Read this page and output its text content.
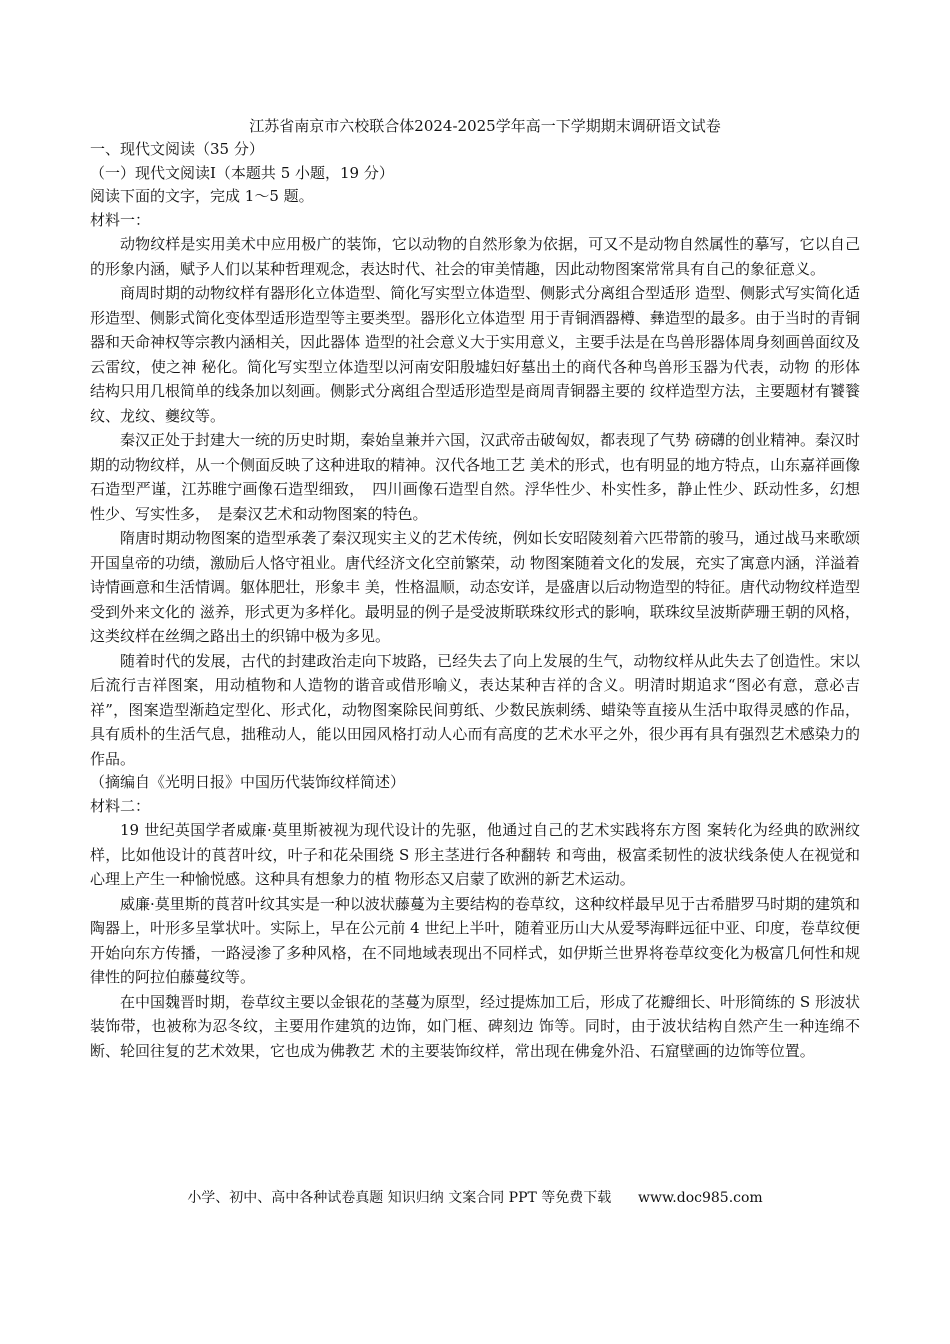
江苏省南京市六校联合体2024-2025学年高一下学期期末调研语文试卷

一、现代文阅读（35 分）

（一）现代文阅读Ⅰ（本题共 5 小题，19 分）

阅读下面的文字，完成 1～5 题。

材料一：

动物纹样是实用美术中应用极广的装饰，它以动物的自然形象为依据，可又不是动物自然属性的摹写，它以自己的形象内涵，赋予人们以某种哲理观念，表达时代、社会的审美情趣，因此动物图案常常具有自己的象征意义。

商周时期的动物纹样有器形化立体造型、简化写实型立体造型、侧影式分离组合型适形 造型、侧影式写实简化适形造型、侧影式简化变体型适形造型等主要类型。器形化立体造型 用于青铜酒器樽、彝造型的最多。由于当时的青铜器和天命神权等宗教内涵相关，因此器体 造型的社会意义大于实用意义，主要手法是在鸟兽形器体周身刻画兽面纹及云雷纹，使之神 秘化。简化写实型立体造型以河南安阳殷墟妇好墓出土的商代各种鸟兽形玉器为代表，动物 的形体结构只用几根简单的线条加以刻画。侧影式分离组合型适形造型是商周青铜器主要的 纹样造型方法，主要题材有饕餮纹、龙纹、夔纹等。

秦汉正处于封建大一统的历史时期，秦始皇兼并六国，汉武帝击破匈奴，都表现了气势 磅礴的创业精神。秦汉时期的动物纹样，从一个侧面反映了这种进取的精神。汉代各地工艺 美术的形式，也有明显的地方特点，山东嘉祥画像石造型严谨，江苏睢宁画像石造型细致，　四川画像石造型自然。浮华性少、朴实性多，静止性少、跃动性多，幻想性少、写实性多，　是秦汉艺术和动物图案的特色。

隋唐时期动物图案的造型承袭了秦汉现实主义的艺术传统，例如长安昭陵刻着六匹带箭的骏马，通过战马来歌颂开国皇帝的功绩，激励后人恪守祖业。唐代经济文化空前繁荣，动 物图案随着文化的发展，充实了寓意内涵，洋溢着诗情画意和生活情调。躯体肥壮，形象丰 美，性格温顺，动态安详，是盛唐以后动物造型的特征。唐代动物纹样造型受到外来文化的 滋养，形式更为多样化。最明显的例子是受波斯联珠纹形式的影响，联珠纹呈波斯萨珊王朝的风格，这类纹样在丝绸之路出土的织锦中极为多见。

随着时代的发展，古代的封建政治走向下坡路，已经失去了向上发展的生气，动物纹样从此失去了创造性。宋以后流行吉祥图案，用动植物和人造物的谐音或借形喻义，表达某种吉祥的含义。明清时期追求“图必有意，意必吉祥”，图案造型渐趋定型化、形式化，动物图案除民间剪纸、少数民族刺绣、蜡染等直接从生活中取得灵感的作品，具有质朴的生活气息，拙稚动人，能以田园风格打动人心而有高度的艺术水平之外，很少再有具有强烈艺术感染力的作品。

（摘编自《光明日报》中国历代装饰纹样简述）

材料二：

19 世纪英国学者威廉·莫里斯被视为现代设计的先驱，他通过自己的艺术实践将东方图 案转化为经典的欧洲纹样，比如他设计的莨苕叶纹，叶子和花朵围绕 S 形主茎进行各种翻转 和弯曲，极富柔韧性的波状线条使人在视觉和心理上产生一种愉悦感。这种具有想象力的植 物形态又启蒙了欧洲的新艺术运动。

威廉·莫里斯的莨苕叶纹其实是一种以波状藤蔓为主要结构的卷草纹，这种纹样最早见于古希腊罗马时期的建筑和陶器上，叶形多呈掌状叶。实际上，早在公元前 4 世纪上半叶，随着亚历山大从爱琴海畔远征中亚、印度，卷草纹便开始向东方传播，一路浸渗了多种风格，在不同地域表现出不同样式，如伊斯兰世界将卷草纹变化为极富几何性和规律性的阿拉伯藤蔓纹等。

在中国魏晋时期，卷草纹主要以金银花的茎蔓为原型，经过提炼加工后，形成了花瓣细长、叶形简练的 S 形波状装饰带，也被称为忍冬纹，主要用作建筑的边饰，如门框、碑刻边 饰等。同时，由于波状结构自然产生一种连绵不断、轮回往复的艺术效果，它也成为佛教艺 术的主要装饰纹样，常出现在佛龛外沿、石窟壁画的边饰等位置。

小学、初中、高中各种试卷真题 知识归纳 文案合同 PPT 等免费下载 www.doc985.com
